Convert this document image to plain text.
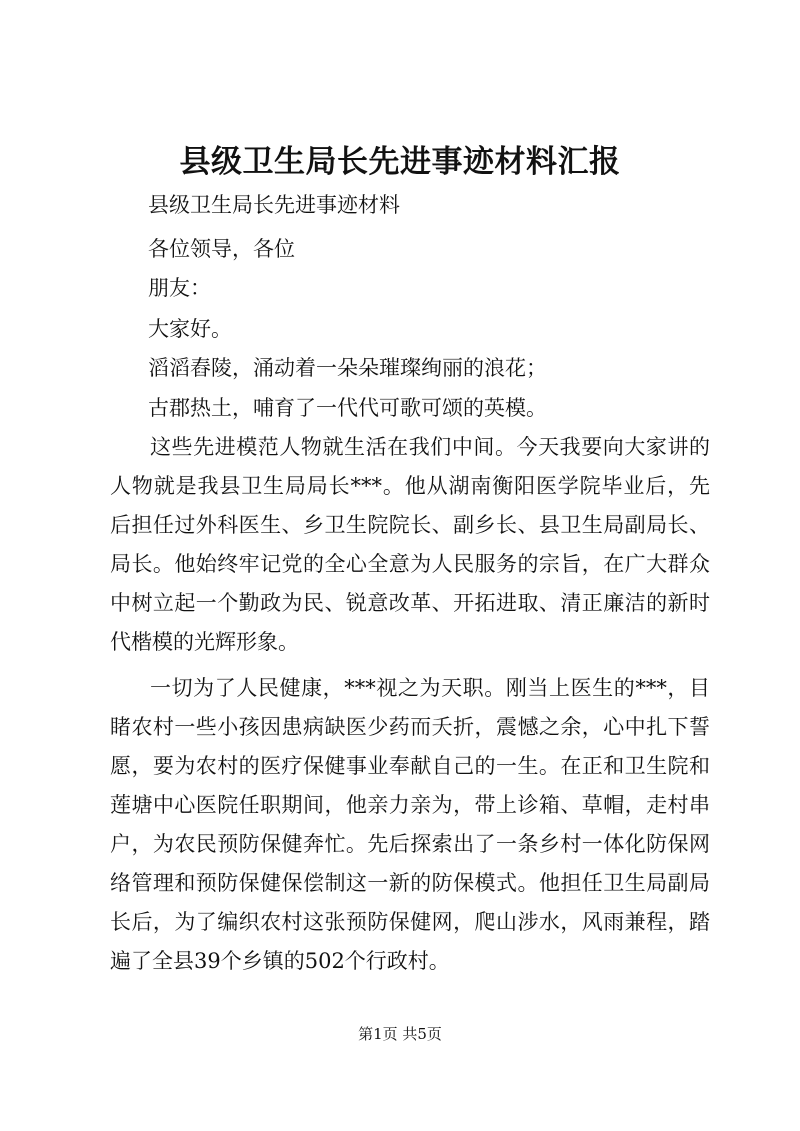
县级卫生局长先进事迹材料汇报
县级卫生局长先进事迹材料
各位领导，各位
朋友：
大家好。
滔滔舂陵，涌动着一朵朵璀璨绚丽的浪花；
古郡热土，哺育了一代代可歌可颂的英模。
这些先进模范人物就生活在我们中间。今天我要向大家讲的
人物就是我县卫生局局长***。他从湖南衡阳医学院毕业后，先
后担任过外科医生、乡卫生院院长、副乡长、县卫生局副局长、
局长。他始终牢记党的全心全意为人民服务的宗旨，在广大群众
中树立起一个勤政为民、锐意改革、开拓进取、清正廉洁的新时
代楷模的光辉形象。
一切为了人民健康，***视之为天职。刚当上医生的***，目
睹农村一些小孩因患病缺医少药而夭折，震憾之余，心中扎下誓
愿，要为农村的医疗保健事业奉献自己的一生。在正和卫生院和
莲塘中心医院任职期间，他亲力亲为，带上诊箱、草帽，走村串
户，为农民预防保健奔忙。先后探索出了一条乡村一体化防保网
络管理和预防保健保偿制这一新的防保模式。他担任卫生局副局
长后，为了编织农村这张预防保健网，爬山涉水，风雨兼程，踏
遍了全县39个乡镇的502个行政村。
第1页 共5页
